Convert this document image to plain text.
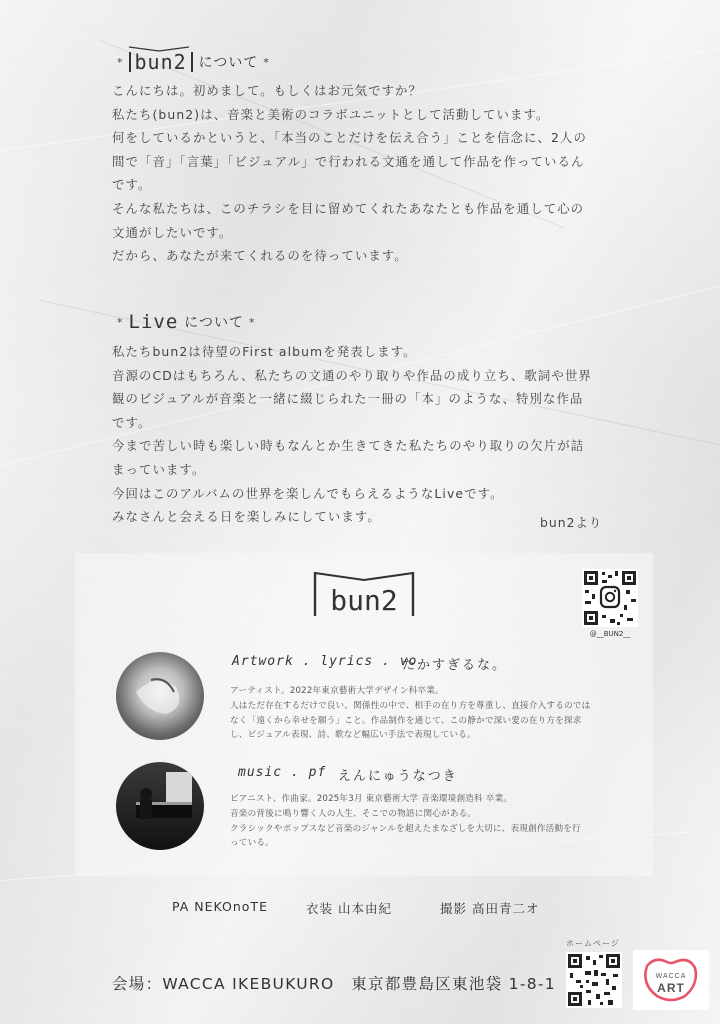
* bun2 について *

こんにちは。初めまして。もしくはお元気ですか？

私たち(bun2)は、音楽と美術のコラボユニットとして活動しています。

何をしているかというと、「本当のことだけを伝え合う」ことを信念に、2人の

間で「音」「言葉」「ビジュアル」で行われる文通を通して作品を作っているん

です。

そんな私たちは、このチラシを目に留めてくれたあなたとも作品を通して心の

文通がしたいです。

だから、あなたが来てくれるのを待っています。

* Live について *

私たちbun2は待望のFirst albumを発表します。

音源のCDはもちろん、私たちの文通のやり取りや作品の成り立ち、歌詞や世界

観のビジュアルが音楽と一緒に綴じられた一冊の「本」のような、特別な作品

です。

今まで苦しい時も楽しい時もなんとか生きてきた私たちのやり取りの欠片が詰

まっています。

今回はこのアルバムの世界を楽しんでもらえるようなLiveです。

みなさんと会える日を楽しみにしています。	bun2より
bun2
@__BUN2__
Artwork . lyrics . vo
たかすぎるな。

アーティスト。2022年東京藝術大学デザイン科卒業。

人はただ存在するだけで良い。関係性の中で、相手の在り方を尊重し、直接介入するのでは

なく「遠くから幸せを願う」こと。作品制作を通じて、この静かで深い愛の在り方を探求

し、ビジュアル表現、詩、歌など幅広い手法で表現している。

music . pf えんにゅうなつき

ピアニスト、作曲家。2025年3月 東京藝術大学 音楽環境創造科 卒業。

音楽の背後に鳴り響く人の人生、そこでの物語に関心がある。

クラシックやポップスなど音楽のジャンルを超えたまなざしを大切に、表現創作活動を行

っている。

PA NEKOnoTE	衣装 山本由紀	撮影 高田青二オ
ホームページ
会場：WACCA IKEBUKURO　東京都豊島区東池袋 1-8-1	WACCA
ART
